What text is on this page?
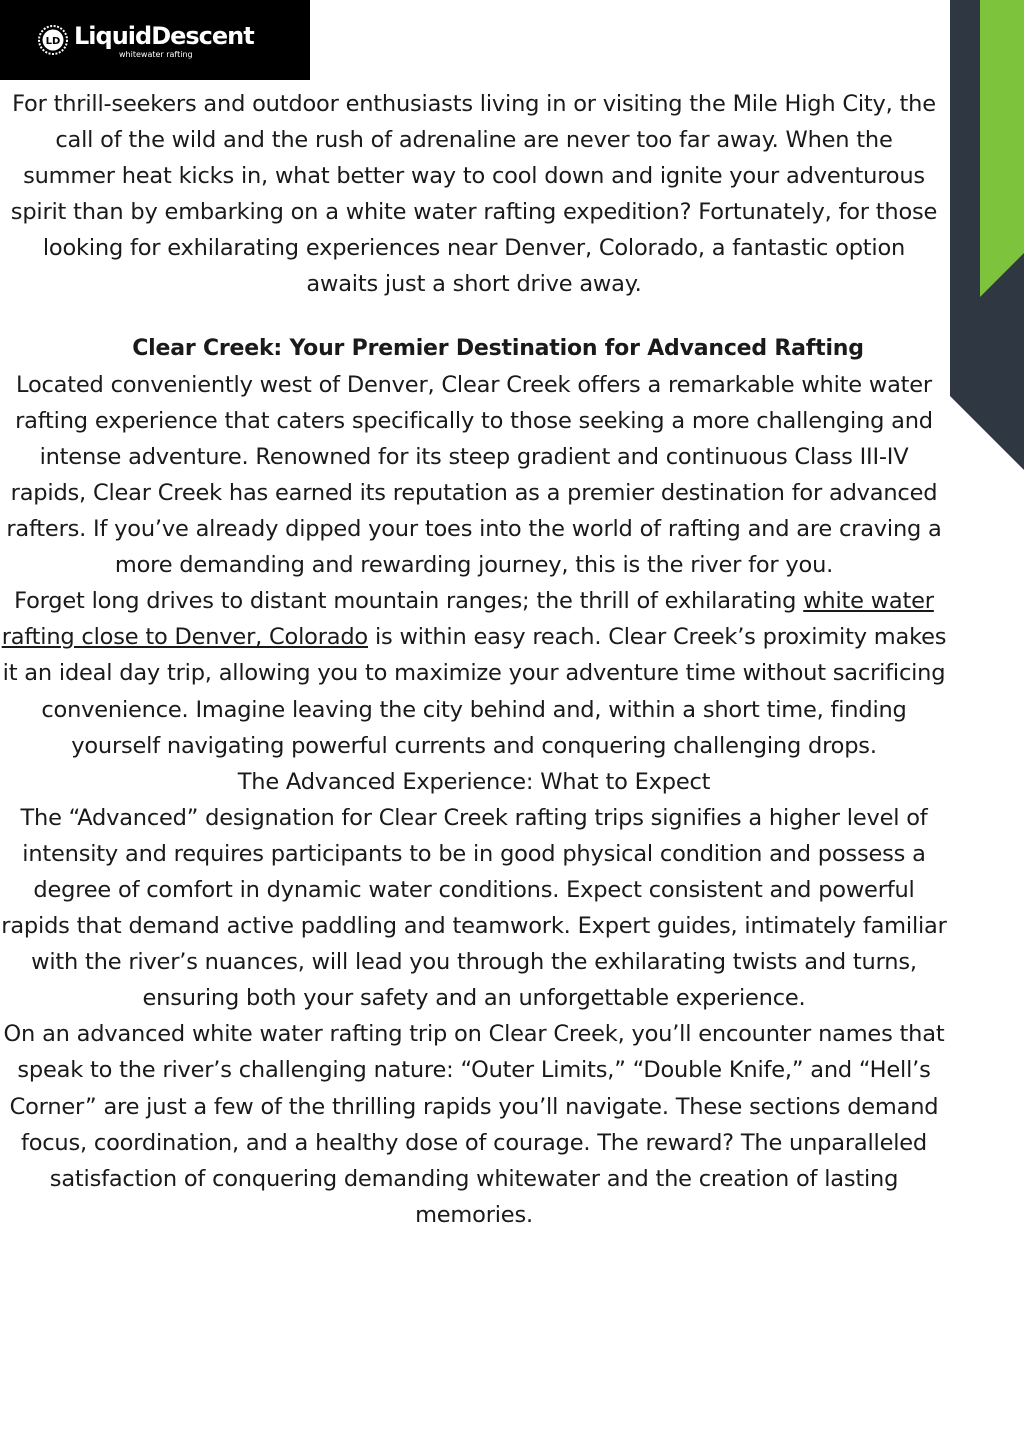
LD LiquidDescent
whitewater rafting

For thrill-seekers and outdoor enthusiasts living in or visiting the Mile High City, the call of the wild and the rush of adrenaline are never too far away. When the summer heat kicks in, what better way to cool down and ignite your adventurous spirit than by embarking on a white water rafting expedition? Fortunately, for those looking for exhilarating experiences near Denver, Colorado, a fantastic option awaits just a short drive away.

Clear Creek: Your Premier Destination for Advanced Rafting

Located conveniently west of Denver, Clear Creek offers a remarkable white water rafting experience that caters specifically to those seeking a more challenging and intense adventure. Renowned for its steep gradient and continuous Class III-IV rapids, Clear Creek has earned its reputation as a premier destination for advanced rafters. If you’ve already dipped your toes into the world of rafting and are craving a more demanding and rewarding journey, this is the river for you.

Forget long drives to distant mountain ranges; the thrill of exhilarating white water rafting close to Denver, Colorado is within easy reach. Clear Creek’s proximity makes it an ideal day trip, allowing you to maximize your adventure time without sacrificing convenience. Imagine leaving the city behind and, within a short time, finding yourself navigating powerful currents and conquering challenging drops.

The Advanced Experience: What to Expect

The “Advanced” designation for Clear Creek rafting trips signifies a higher level of intensity and requires participants to be in good physical condition and possess a degree of comfort in dynamic water conditions. Expect consistent and powerful rapids that demand active paddling and teamwork. Expert guides, intimately familiar with the river’s nuances, will lead you through the exhilarating twists and turns, ensuring both your safety and an unforgettable experience.

On an advanced white water rafting trip on Clear Creek, you’ll encounter names that speak to the river’s challenging nature: “Outer Limits,” “Double Knife,” and “Hell’s Corner” are just a few of the thrilling rapids you’ll navigate. These sections demand focus, coordination, and a healthy dose of courage. The reward? The unparalleled satisfaction of conquering demanding whitewater and the creation of lasting memories.
